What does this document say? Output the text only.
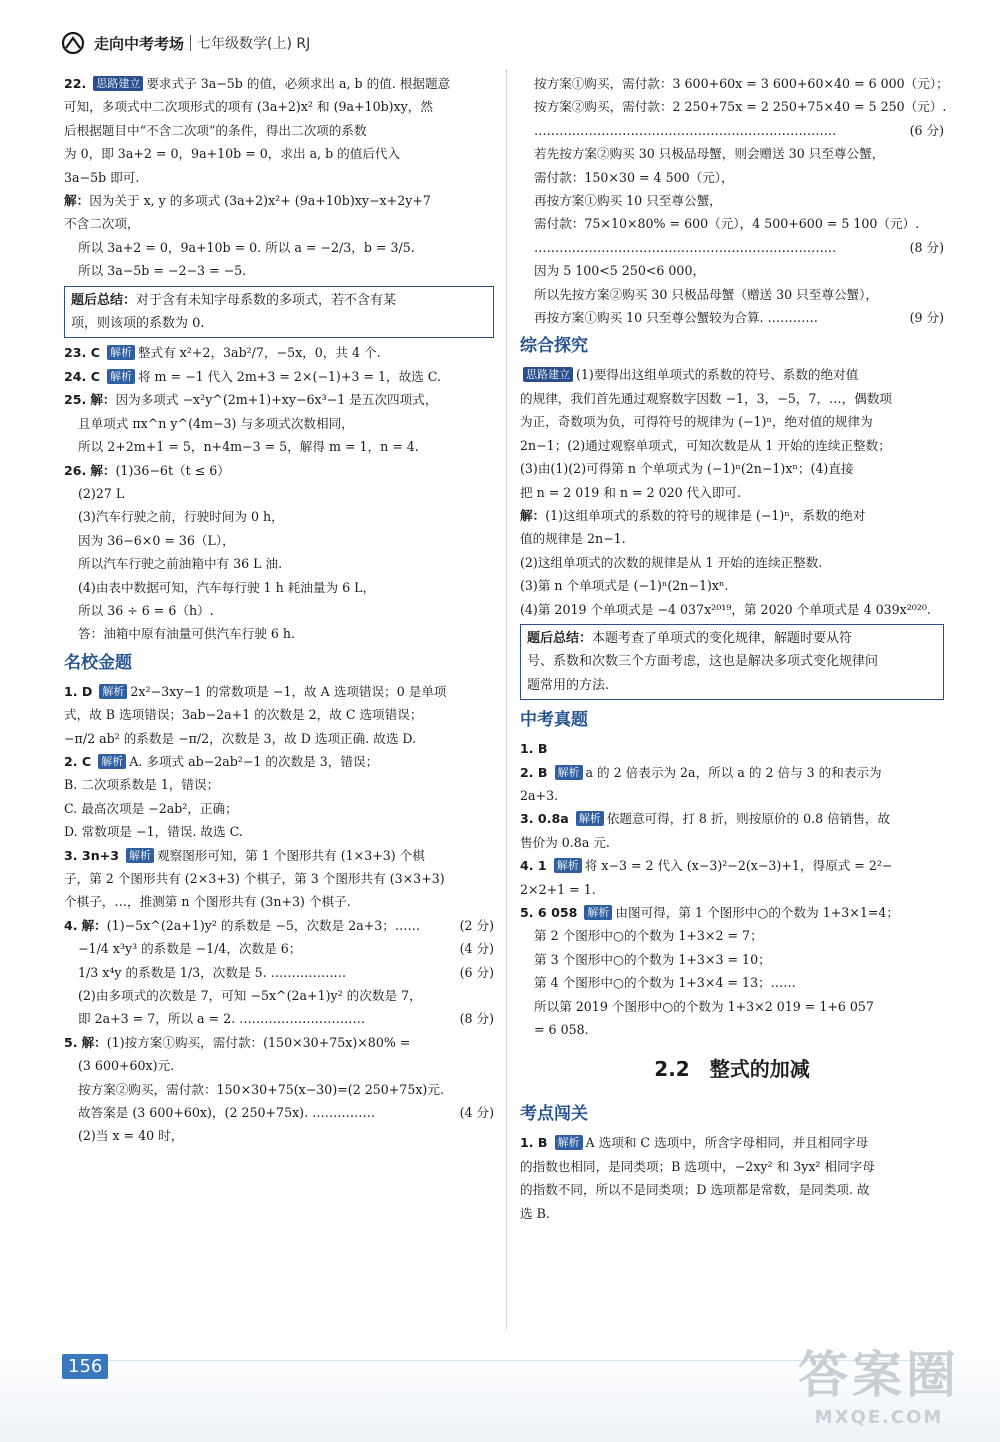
走向中考考场 七年级数学(上) RJ
22. 思路建立 要求式子 3a−5b 的值，必须求出 a, b 的值. 根据题意
可知，多项式中二次项形式的项有 (3a+2)x² 和 (9a+10b)xy，然
后根据题目中“不含二次项”的条件，得出二次项的系数
为 0，即 3a+2 = 0，9a+10b = 0，求出 a, b 的值后代入
3a−5b 即可.
解：因为关于 x, y 的多项式 (3a+2)x²+ (9a+10b)xy−x+2y+7
不含二次项，
所以 3a+2 = 0，9a+10b = 0. 所以 a = −2/3，b = 3/5.
所以 3a−5b = −2−3 = −5.
题后总结：对于含有未知字母系数的多项式，若不含有某
项，则该项的系数为 0.
23. C 解析 整式有 x²+2，3ab²/7，−5x，0，共 4 个.
24. C 解析 将 m = −1 代入 2m+3 = 2×(−1)+3 = 1，故选 C.
25. 解：因为多项式 −x²y^(2m+1)+xy−6x³−1 是五次四项式，
且单项式 πx^n y^(4m−3) 与多项式次数相同，
所以 2+2m+1 = 5，n+4m−3 = 5，解得 m = 1，n = 4.
26. 解：(1)36−6t（t ≤ 6）
(2)27 L
(3)汽车行驶之前，行驶时间为 0 h，
因为 36−6×0 = 36（L），
所以汽车行驶之前油箱中有 36 L 油.
(4)由表中数据可知，汽车每行驶 1 h 耗油量为 6 L，
所以 36 ÷ 6 = 6（h）.
答：油箱中原有油量可供汽车行驶 6 h.
名校金题
1. D 解析 2x²−3xy−1 的常数项是 −1，故 A 选项错误；0 是单项
式，故 B 选项错误；3ab−2a+1 的次数是 2，故 C 选项错误；
−π/2 ab² 的系数是 −π/2，次数是 3，故 D 选项正确. 故选 D.
2. C 解析 A. 多项式 ab−2ab²−1 的次数是 3，错误；
B. 二次项系数是 1，错误；
C. 最高次项是 −2ab²，正确；
D. 常数项是 −1，错误. 故选 C.
3. 3n+3 解析 观察图形可知，第 1 个图形共有 (1×3+3) 个棋
子，第 2 个图形共有 (2×3+3) 个棋子，第 3 个图形共有 (3×3+3)
个棋子，…，推测第 n 个图形共有 (3n+3) 个棋子.
4. 解：(1)−5x^(2a+1)y² 的系数是 −5，次数是 2a+3；……	(2 分)
−1/4 x³y³ 的系数是 −1/4，次数是 6；	(4 分)
1/3 x⁴y 的系数是 1/3，次数是 5. ………………	(6 分)
(2)由多项式的次数是 7，可知 −5x^(2a+1)y² 的次数是 7，
即 2a+3 = 7，所以 a = 2. …………………………	(8 分)
5. 解：(1)按方案①购买，需付款：(150×30+75x)×80% =
(3 600+60x)元.
按方案②购买，需付款：150×30+75(x−30)=(2 250+75x)元.
故答案是 (3 600+60x)，(2 250+75x). ……………	(4 分)
(2)当 x = 40 时，
按方案①购买，需付款：3 600+60x = 3 600+60×40 = 6 000（元）；
按方案②购买，需付款：2 250+75x = 2 250+75×40 = 5 250（元）.
………………………………………………………………	(6 分)
若先按方案②购买 30 只极品母蟹，则会赠送 30 只至尊公蟹，
需付款：150×30 = 4 500（元），
再按方案①购买 10 只至尊公蟹，
需付款：75×10×80% = 600（元），4 500+600 = 5 100（元）.
………………………………………………………………	(8 分)
因为 5 100<5 250<6 000，
所以先按方案②购买 30 只极品母蟹（赠送 30 只至尊公蟹），
再按方案①购买 10 只至尊公蟹较为合算. …………	(9 分)
综合探究
思路建立 (1)要得出这组单项式的系数的符号、系数的绝对值
的规律，我们首先通过观察数字因数 −1，3，−5，7，…，偶数项
为正，奇数项为负，可得符号的规律为 (−1)ⁿ，绝对值的规律为
2n−1；(2)通过观察单项式，可知次数是从 1 开始的连续正整数；
(3)由(1)(2)可得第 n 个单项式为 (−1)ⁿ(2n−1)xⁿ；(4)直接
把 n = 2 019 和 n = 2 020 代入即可.
解：(1)这组单项式的系数的符号的规律是 (−1)ⁿ，系数的绝对
值的规律是 2n−1.
(2)这组单项式的次数的规律是从 1 开始的连续正整数.
(3)第 n 个单项式是 (−1)ⁿ(2n−1)xⁿ.
(4)第 2019 个单项式是 −4 037x²⁰¹⁹，第 2020 个单项式是 4 039x²⁰²⁰.
题后总结：本题考查了单项式的变化规律，解题时要从符
号、系数和次数三个方面考虑，这也是解决多项式变化规律问
题常用的方法.
中考真题
1. B
2. B 解析 a 的 2 倍表示为 2a，所以 a 的 2 倍与 3 的和表示为
2a+3.
3. 0.8a 解析 依题意可得，打 8 折，则按原价的 0.8 倍销售，故
售价为 0.8a 元.
4. 1 解析 将 x−3 = 2 代入 (x−3)²−2(x−3)+1，得原式 = 2²−
2×2+1 = 1.
5. 6 058 解析 由图可得，第 1 个图形中○的个数为 1+3×1=4；
第 2 个图形中○的个数为 1+3×2 = 7；
第 3 个图形中○的个数为 1+3×3 = 10；
第 4 个图形中○的个数为 1+3×4 = 13；……
所以第 2019 个图形中○的个数为 1+3×2 019 = 1+6 057
= 6 058.
2.2　整式的加减
考点闯关
1. B 解析 A 选项和 C 选项中，所含字母相同，并且相同字母
的指数也相同，是同类项；B 选项中，−2xy² 和 3yx² 相同字母
的指数不同，所以不是同类项；D 选项都是常数，是同类项. 故
选 B.
156	答案圈
MXQE.COM
